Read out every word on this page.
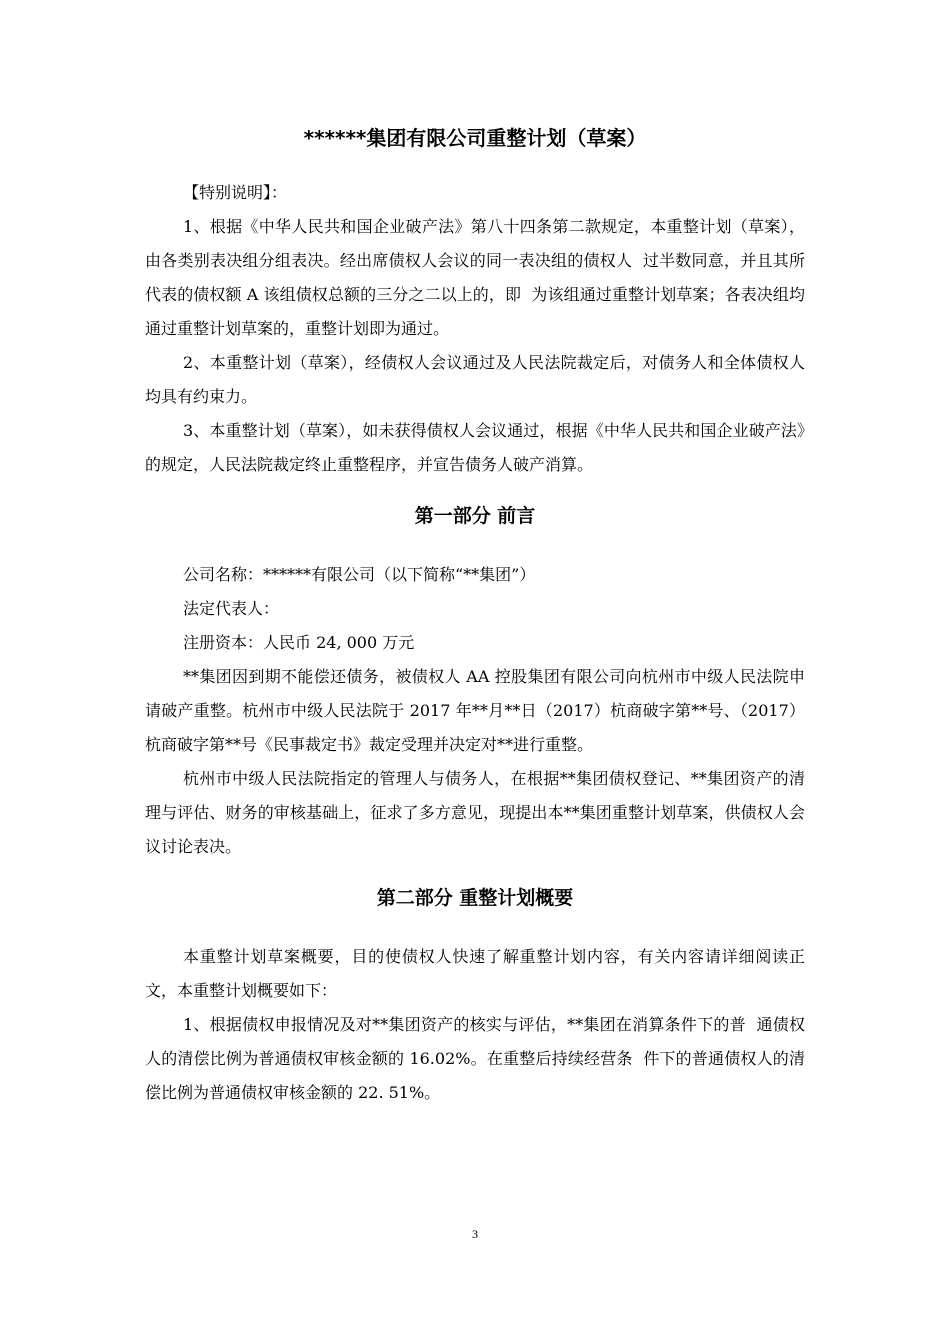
******集团有限公司重整计划（草案）

【特别说明】：

1、根据《中华人民共和国企业破产法》第八十四条第二款规定，本重整计划（草案），由各类别表决组分组表决。经出席债权人会议的同一表决组的债权人  过半数同意，并且其所代表的债权额 A 该组债权总额的三分之二以上的，即  为该组通过重整计划草案；各表决组均通过重整计划草案的，重整计划即为通过。

2、本重整计划（草案），经债权人会议通过及人民法院裁定后，对债务人和全体债权人均具有约束力。

3、本重整计划（草案），如未获得债权人会议通过，根据《中华人民共和国企业破产法》的规定，人民法院裁定终止重整程序，并宣告债务人破产消算。

第一部分 前言

公司名称：******有限公司（以下简称“**集团”）

法定代表人：

注册资本：人民币 24, 000 万元

**集团因到期不能偿还债务，被债权人 AA 控股集团有限公司向杭州市中级人民法院申请破产重整。杭州市中级人民法院于 2017 年**月**日（2017）杭商破字第**号、（2017）杭商破字第**号《民事裁定书》裁定受理并决定对**进行重整。

杭州市中级人民法院指定的管理人与债务人，在根据**集团债权登记、**集团资产的清理与评估、财务的审核基础上，征求了多方意见，现提出本**集团重整计划草案，供债权人会议讨论表决。

第二部分 重整计划概要

本重整计划草案概要，目的使债权人快速了解重整计划内容，有关内容请详细阅读正文，本重整计划概要如下：

1、根据债权申报情况及对**集团资产的核实与评估，**集团在消算条件下的普  通债权人的清偿比例为普通债权审核金额的 16.02%。在重整后持续经营条  件下的普通债权人的清偿比例为普通债权审核金额的 22. 51%。

3
